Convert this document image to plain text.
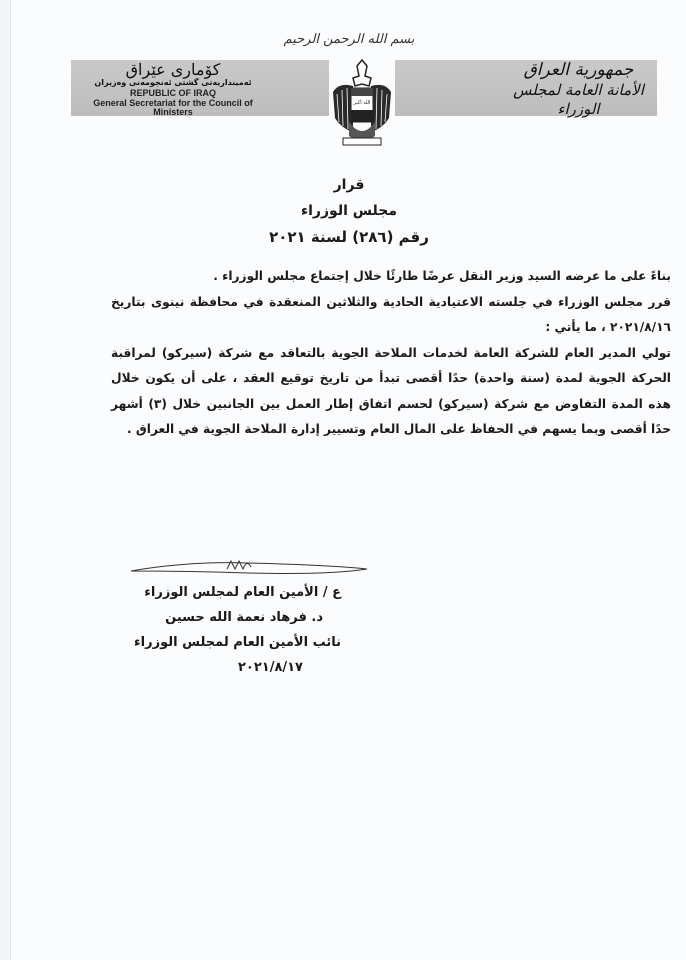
بسم الله الرحمن الرحيم
کۆماری عێراق
ئەمینداریەتی گشتی ئەنجومەنی وەزیران
REPUBLIC OF IRAQ
General Secretariat for the Council of Ministers
الله أكبر
جمهورية العراق
الأمانة العامة لمجلس الوزراء
قرار
مجلس الوزراء
رقم (٢٨٦) لسنة ٢٠٢١

بناءً على ما عرضه السيد وزير النقل عرضًا طارئًا خلال إجتماع مجلس الوزراء .

قرر مجلس الوزراء في جلسته الاعتيادية الحادية والثلاثين المنعقدة في محافظة نينوى بتاريخ ٢٠٢١/٨/١٦ ، ما يأتي :

تولي المدير العام للشركة العامة لخدمات الملاحة الجوية بالتعاقد مع شركة (سيركو) لمراقبة الحركة الجوية لمدة (سنة واحدة) حدًا أقصى تبدأ من تاريخ توقيع العقد ، على أن يكون خلال هذه المدة التفاوض مع شركة (سيركو) لحسم اتفاق إطار العمل بين الجانبين خلال (٣) أشهر حدًا أقصى وبما يسهم في الحفاظ على المال العام وتسيير إدارة الملاحة الجوية في العراق .

ع / الأمين العام لمجلس الوزراء
د. فرهاد نعمة الله حسين
نائب الأمين العام لمجلس الوزراء
٢٠٢١/٨/١٧
